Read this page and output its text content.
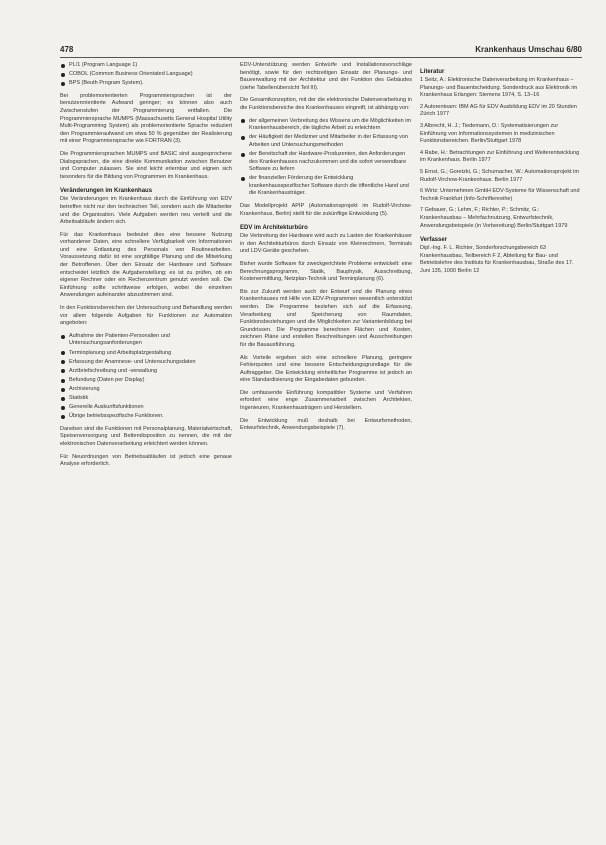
478	Krankenhaus Umschau 6/80
PL/1 (Program Language 1)
COBOL (Common Business Orientated Language)
BPS (Beuth Program System).

Bei problemorientierten Programmiersprachen ist der benutzerorientierte Aufwand geringer; es können also auch Zwischenstufen der Programmierung entfallen. Die Programmiersprache MUMPS (Massachusetts General Hospital Utility Multi-Programming System) als problemorientierte Sprache reduziert den Programmieraufwand um etwa 50 % gegenüber der Realisierung mit einer Programmiersprache wie FORTRAN (3).

Die Programmiersprachen MUMPS und BASIC sind ausgesprochene Dialogsprachen, die eine direkte Kommunikation zwischen Benutzer und Computer zulassen. Sie sind leicht erlernbar und eignen sich besonders für die Bildung von Programmen im Krankenhaus.

Veränderungen im Krankenhaus

Die Veränderungen im Krankenhaus durch die Einführung von EDV betreffen nicht nur den technischen Teil, sondern auch die Mitarbeiter und die Organisation. Viele Aufgaben werden neu verteilt und die Arbeitsabläufe ändern sich.

Für das Krankenhaus bedeutet dies eine bessere Nutzung vorhandener Daten, eine schnellere Verfügbarkeit von Informationen und eine Entlastung des Personals von Routinearbeiten. Voraussetzung dafür ist eine sorgfältige Planung und die Mitwirkung der Betroffenen. Über den Einsatz der Hardware und Software entscheidet letztlich die Aufgabenstellung; es ist zu prüfen, ob ein eigener Rechner oder ein Rechenzentrum genutzt werden soll. Die Einführung sollte schrittweise erfolgen, wobei die einzelnen Anwendungen aufeinander abzustimmen sind.

In den Funktionsbereichen der Untersuchung und Behandlung werden vor allem folgende Aufgaben für Funktionen zur Automation angeboten:

Aufnahme der Patienten-Personalien und Untersuchungsanforderungen
Terminplanung und Arbeitsplatzgestaltung
Erfassung der Anamnese- und Untersuchungsdaten
Arztbriefschreibung und -verwaltung
Befundung (Daten per Display)
Archivierung
Statistik
Generelle Auskunftsfunktionen
Übrige betriebsspezifische Funktionen.

Daneben sind die Funktionen mit Personalplanung, Materialwirtschaft, Speisenversorgung und Bettendisposition zu nennen, die mit der elektronischen Datenverarbeitung erleichtert werden können.

Für Neuordnungen von Betriebsabläufen ist jedoch eine genaue Analyse erforderlich.

EDV-Unterstützung werden Entwürfe und Installationsvorschläge benötigt, sowie für den rechtzeitigen Einsatz der Planungs- und Bauverwaltung mit der Architektur und der Funktion des Gebäudes (siehe Tabellenübersicht Teil III).

Die Gesamtkonzeption, mit der die elektronische Datenverarbeitung in die Funktionsbereiche des Krankenhauses eingreift, ist abhängig von:

der allgemeinen Verbreitung des Wissens um die Möglichkeiten im Krankenhausbereich, die tägliche Arbeit zu erleichtern
der Häufigkeit der Mediziner und Mitarbeiter in der Erfassung von Arbeiten und Untersuchungsmethoden
der Bereitschaft der Hardware-Produzenten, den Anforderungen des Krankenhauses nachzukommen und die sofort verwendbare Software zu liefern
der finanziellen Förderung der Entwicklung krankenhausspezifischer Software durch die öffentliche Hand und die Krankenhausträger.

Das Modellprojekt APIP (Automationsprojekt im Rudolf-Virchow-Krankenhaus, Berlin) stellt für die zukünftige Entwicklung (5).

EDV im Architekturbüro

Die Verbreitung der Hardware wird auch zu Lasten der Krankenhäuser in den Architekturbüros durch Einsatz von Kleinrechnern, Terminals und LDV-Geräte geschehen.

Bisher wurde Software für zweckgerichtete Probleme entwickelt: eine Berechnungsprogramm, Statik, Bauphysik, Ausschreibung, Kostenermittlung, Netzplan-Technik und Terminplanung (6).

Bis zur Zukunft werden auch der Entwurf und die Planung eines Krankenhauses mit Hilfe von EDV-Programmen wesentlich unterstützt werden. Die Programme beziehen sich auf die Erfassung, Verarbeitung und Speicherung von Raumdaten, Funktionsbeziehungen und die Möglichkeiten zur Variantenbildung bei Grundrissen. Die Programme berechnen Flächen und Kosten, zeichnen Pläne und erstellen Beschreibungen und Ausschreibungen für die Bauausführung.

Als Vorteile ergeben sich eine schnellere Planung, geringere Fehlerquoten und eine bessere Entscheidungsgrundlage für die Auftraggeber. Die Entwicklung einheitlicher Programme ist jedoch an eine Standardisierung der Eingabedaten gebunden.

Die umfassende Einführung kompatibler Systeme und Verfahren erfordert eine enge Zusammenarbeit zwischen Architekten, Ingenieuren, Krankenhausträgern und Herstellern.

Die Entwicklung muß deshalb bei Entwurfsmethoden, Entwurfstechnik, Anwendungsbeispiele (7).

Literatur

1 Seitz, A.: Elektronische Datenverarbeitung im Krankenhaus – Planungs- und Bauentscheidung. Sonderdruck aus Elektronik im Krankenhaus Erlangen: Siemens 1974, S. 13–16

2 Autorenteam: IBM AG für EDV Ausbildung EDV im 20 Stunden Zürich 1977

3 Albrecht, H. J.; Tiedemann, D.: Systematisierungen zur Einführung von Informationssystemen in medizinischen Funktionsbereichen. Berlin/Stuttgart 1978

4 Rabe, H.: Betrachtungen zur Einführung und Weiterentwicklung im Krankenhaus. Berlin 1977

5 Ernst, G.; Goretzki, G.; Schumacher, W.: Automationsprojekt im Rudolf-Virchow-Krankenhaus. Berlin 1977

6 Wirtz: Unternehmen GmbH EDV-Systeme für Wissenschaft und Technik Frankfurt (Info-Schriftenreihe)

7 Gebauer, G.; Lehm, F.; Richter, P.; Schmitz, G.: Krankenhausbau – Mehrfachnutzung, Entwurfstechnik, Anwendungsbeispiele (in Vorbereitung) Berlin/Stuttgart 1979

Verfasser

Dipl.-Ing. F. L. Richter, Sonderforschungsbereich 63 Krankenhausbau, Teilbereich F 2, Abteilung für Bau- und Betriebslehre des Instituts für Krankenhausbau, Straße des 17. Juni 135, 1000 Berlin 12
